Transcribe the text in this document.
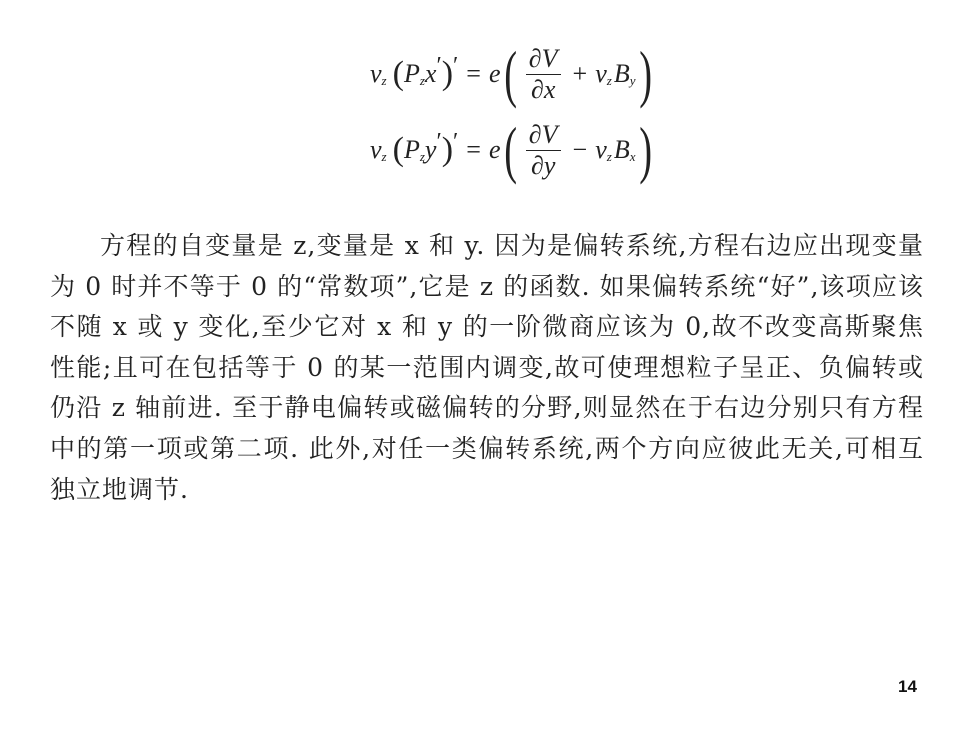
v z ( P z x ′ ) ′ = e ( $\frac{\partial V}{\partial x} + v$ z B y )
v z ( P z y ′ ) ′ = e ( $\frac{\partial V}{\partial y} - v$ z B x )

方程的自变量是 z,变量是 x 和 y. 因为是偏转系统,方程右边应出现变量为 0 时并不等于 0 的“常数项”,它是 z 的函数. 如果偏转系统“好”,该项应该不随 x 或 y 变化,至少它对 x 和 y 的一阶微商应该为 0,故不改变高斯聚焦性能;且可在包括等于 0 的某一范围内调变,故可使理想粒子呈正、负偏转或仍沿 z 轴前进. 至于静电偏转或磁偏转的分野,则显然在于右边分别只有方程中的第一项或第二项. 此外,对任一类偏转系统,两个方向应彼此无关,可相互独立地调节.

14
